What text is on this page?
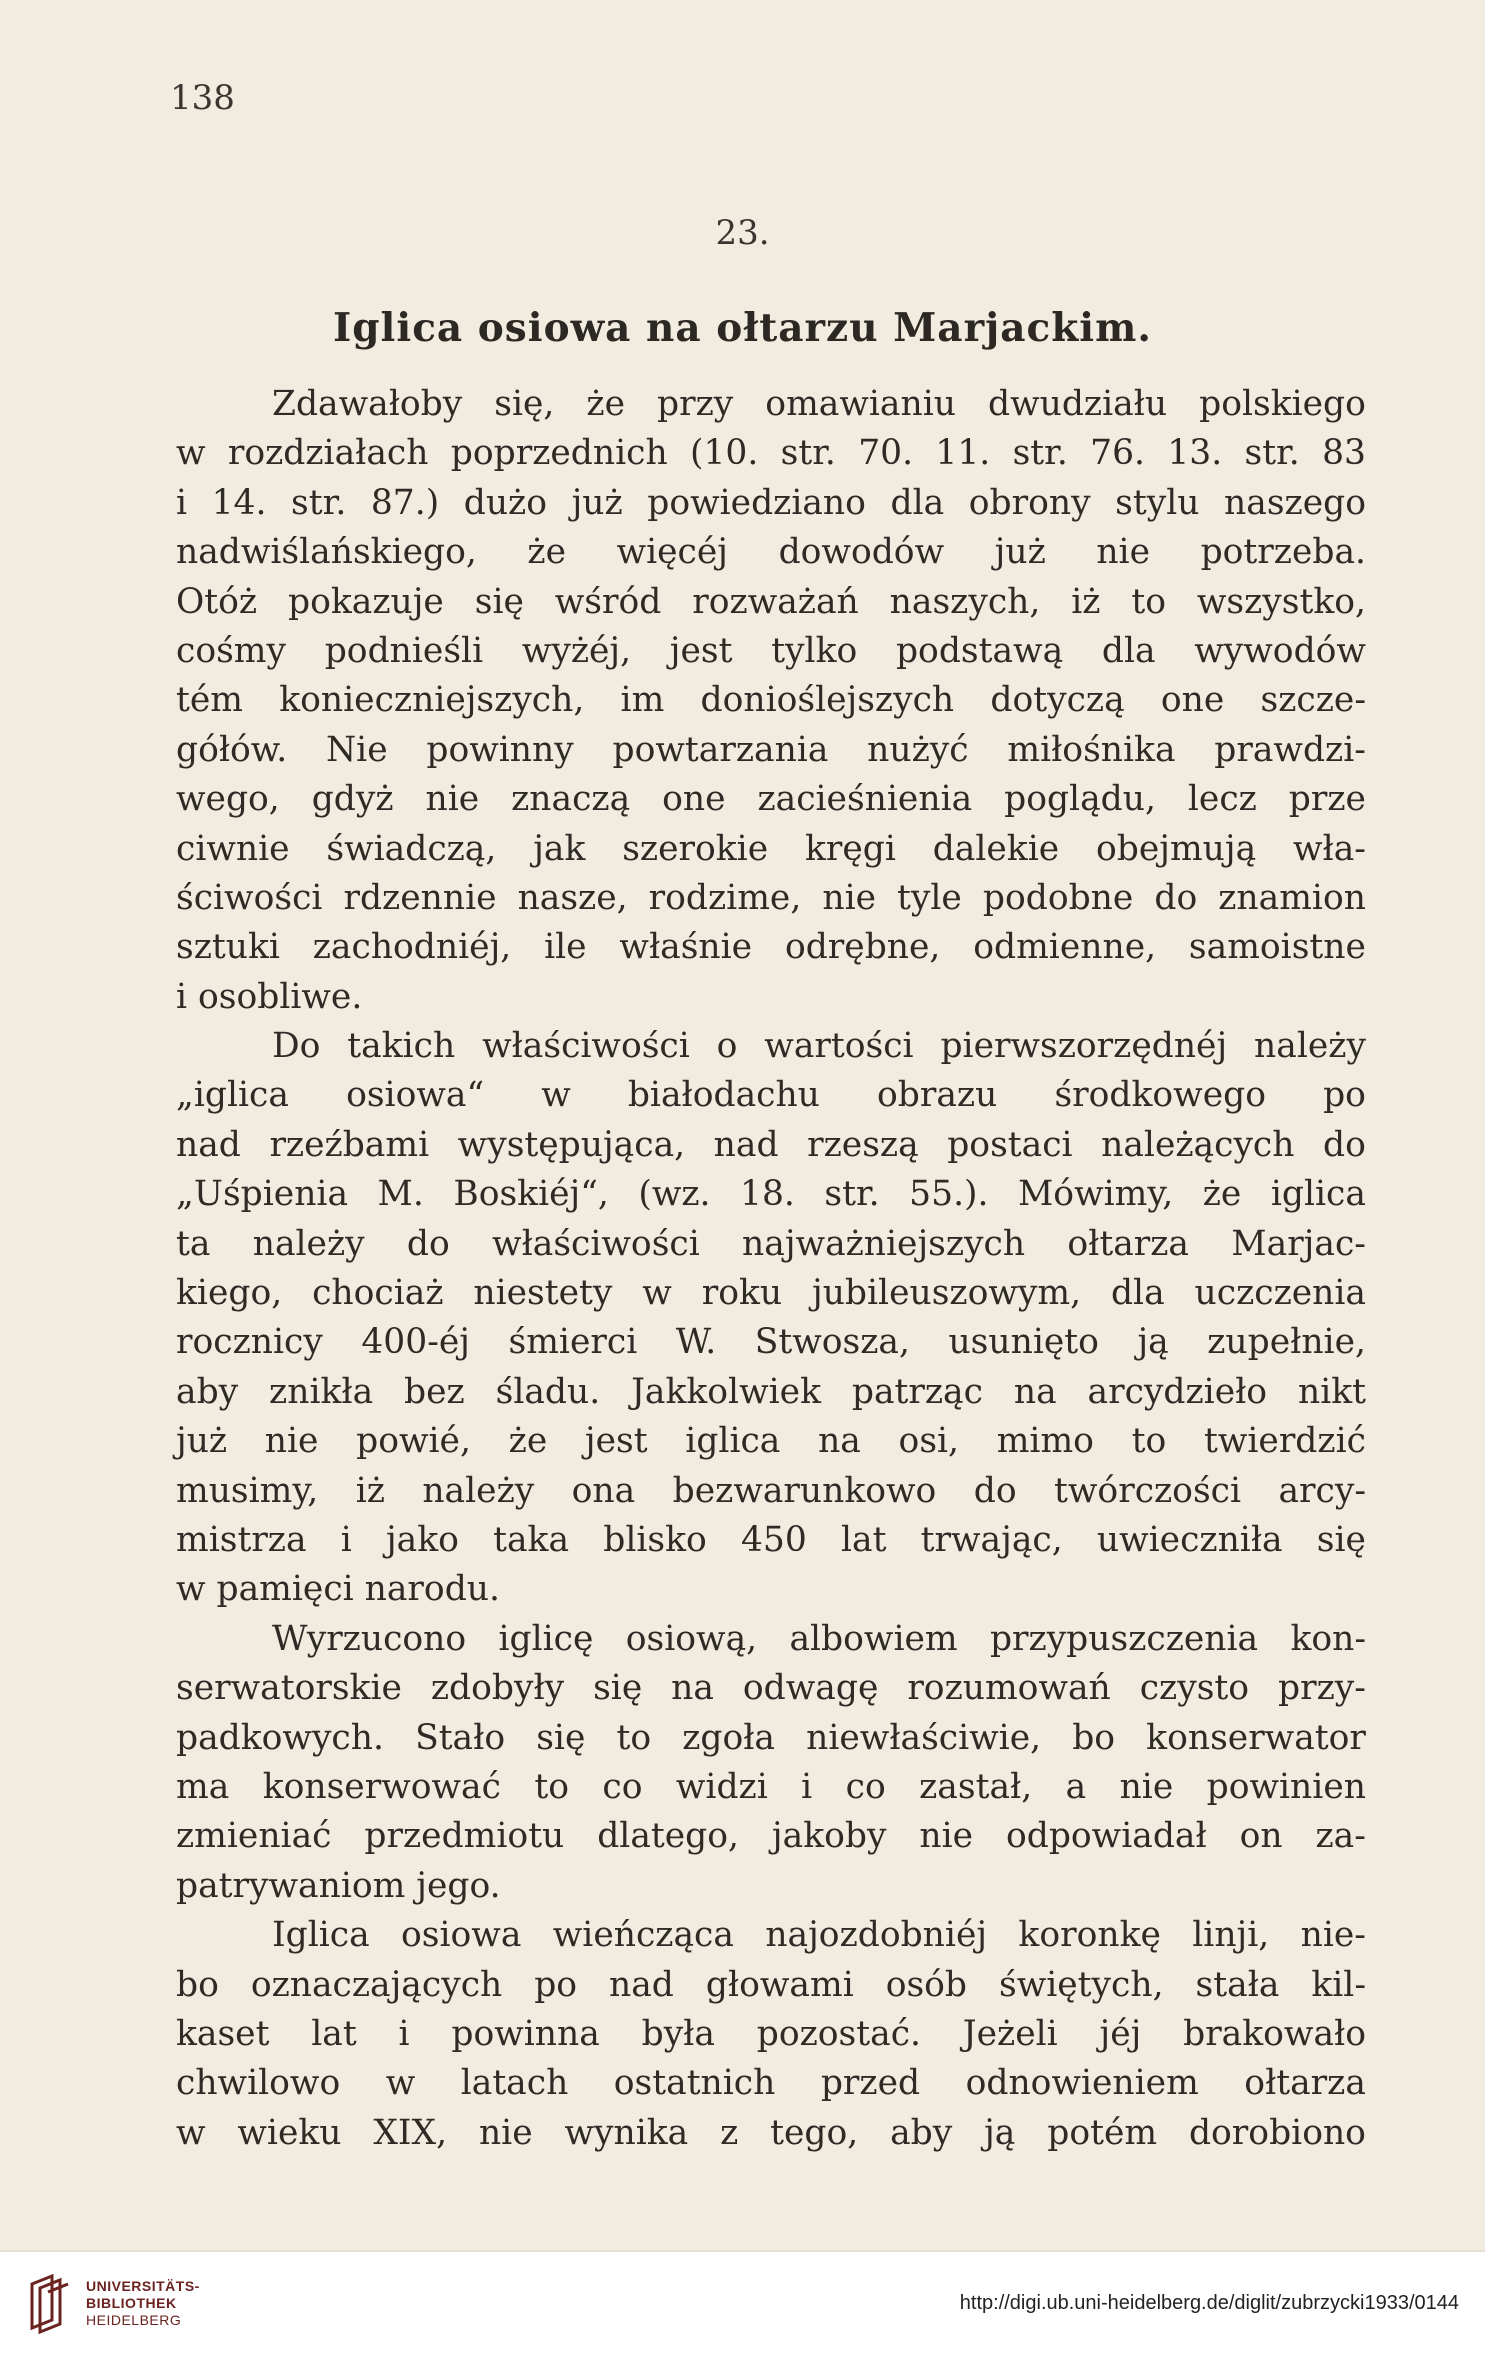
138
23.
Iglica osiowa na ołtarzu Marjackim.
Zdawałoby się, że przy omawianiu dwudziału polskiego
w rozdziałach poprzednich (10. str. 70. 11. str. 76. 13. str. 83
i 14. str. 87.) dużo już powiedziano dla obrony stylu naszego
nadwiślańskiego, że więcéj dowodów już nie potrzeba.
Otóż pokazuje się wśród rozważań naszych, iż to wszystko,
cośmy podnieśli wyżéj, jest tylko podstawą dla wywodów
tém konieczniejszych, im donioślejszych dotyczą one szcze-
gółów. Nie powinny powtarzania nużyć miłośnika prawdzi-
wego, gdyż nie znaczą one zacieśnienia poglądu, lecz prze
ciwnie świadczą, jak szerokie kręgi dalekie obejmują wła-
ściwości rdzennie nasze, rodzime, nie tyle podobne do znamion
sztuki zachodniéj, ile właśnie odrębne, odmienne, samoistne
i osobliwe.
Do takich właściwości o wartości pierwszorzędnéj należy
„iglica osiowa“ w białodachu obrazu środkowego po
nad rzeźbami występująca, nad rzeszą postaci należących do
„Uśpienia M. Boskiéj“, (wz. 18. str. 55.). Mówimy, że iglica
ta należy do właściwości najważniejszych ołtarza Marjac-
kiego, chociaż niestety w roku jubileuszowym, dla uczczenia
rocznicy 400-éj śmierci W. Stwosza, usunięto ją zupełnie,
aby znikła bez śladu. Jakkolwiek patrząc na arcydzieło nikt
już nie powié, że jest iglica na osi, mimo to twierdzić
musimy, iż należy ona bezwarunkowo do twórczości arcy-
mistrza i jako taka blisko 450 lat trwając, uwieczniła się
w pamięci narodu.
Wyrzucono iglicę osiową, albowiem przypuszczenia kon-
serwatorskie zdobyły się na odwagę rozumowań czysto przy-
padkowych. Stało się to zgoła niewłaściwie, bo konserwator
ma konserwować to co widzi i co zastał, a nie powinien
zmieniać przedmiotu dlatego, jakoby nie odpowiadał on za-
patrywaniom jego.
Iglica osiowa wieńcząca najozdobniéj koronkę linji, nie-
bo oznaczających po nad głowami osób świętych, stała kil-
kaset lat i powinna była pozostać. Jeżeli jéj brakowało
chwilowo w latach ostatnich przed odnowieniem ołtarza
w wieku XIX, nie wynika z tego, aby ją potém dorobiono
UNIVERSITÄTS-
BIBLIOTHEK
HEIDELBERG
http://digi.ub.uni-heidelberg.de/diglit/zubrzycki1933/0144
